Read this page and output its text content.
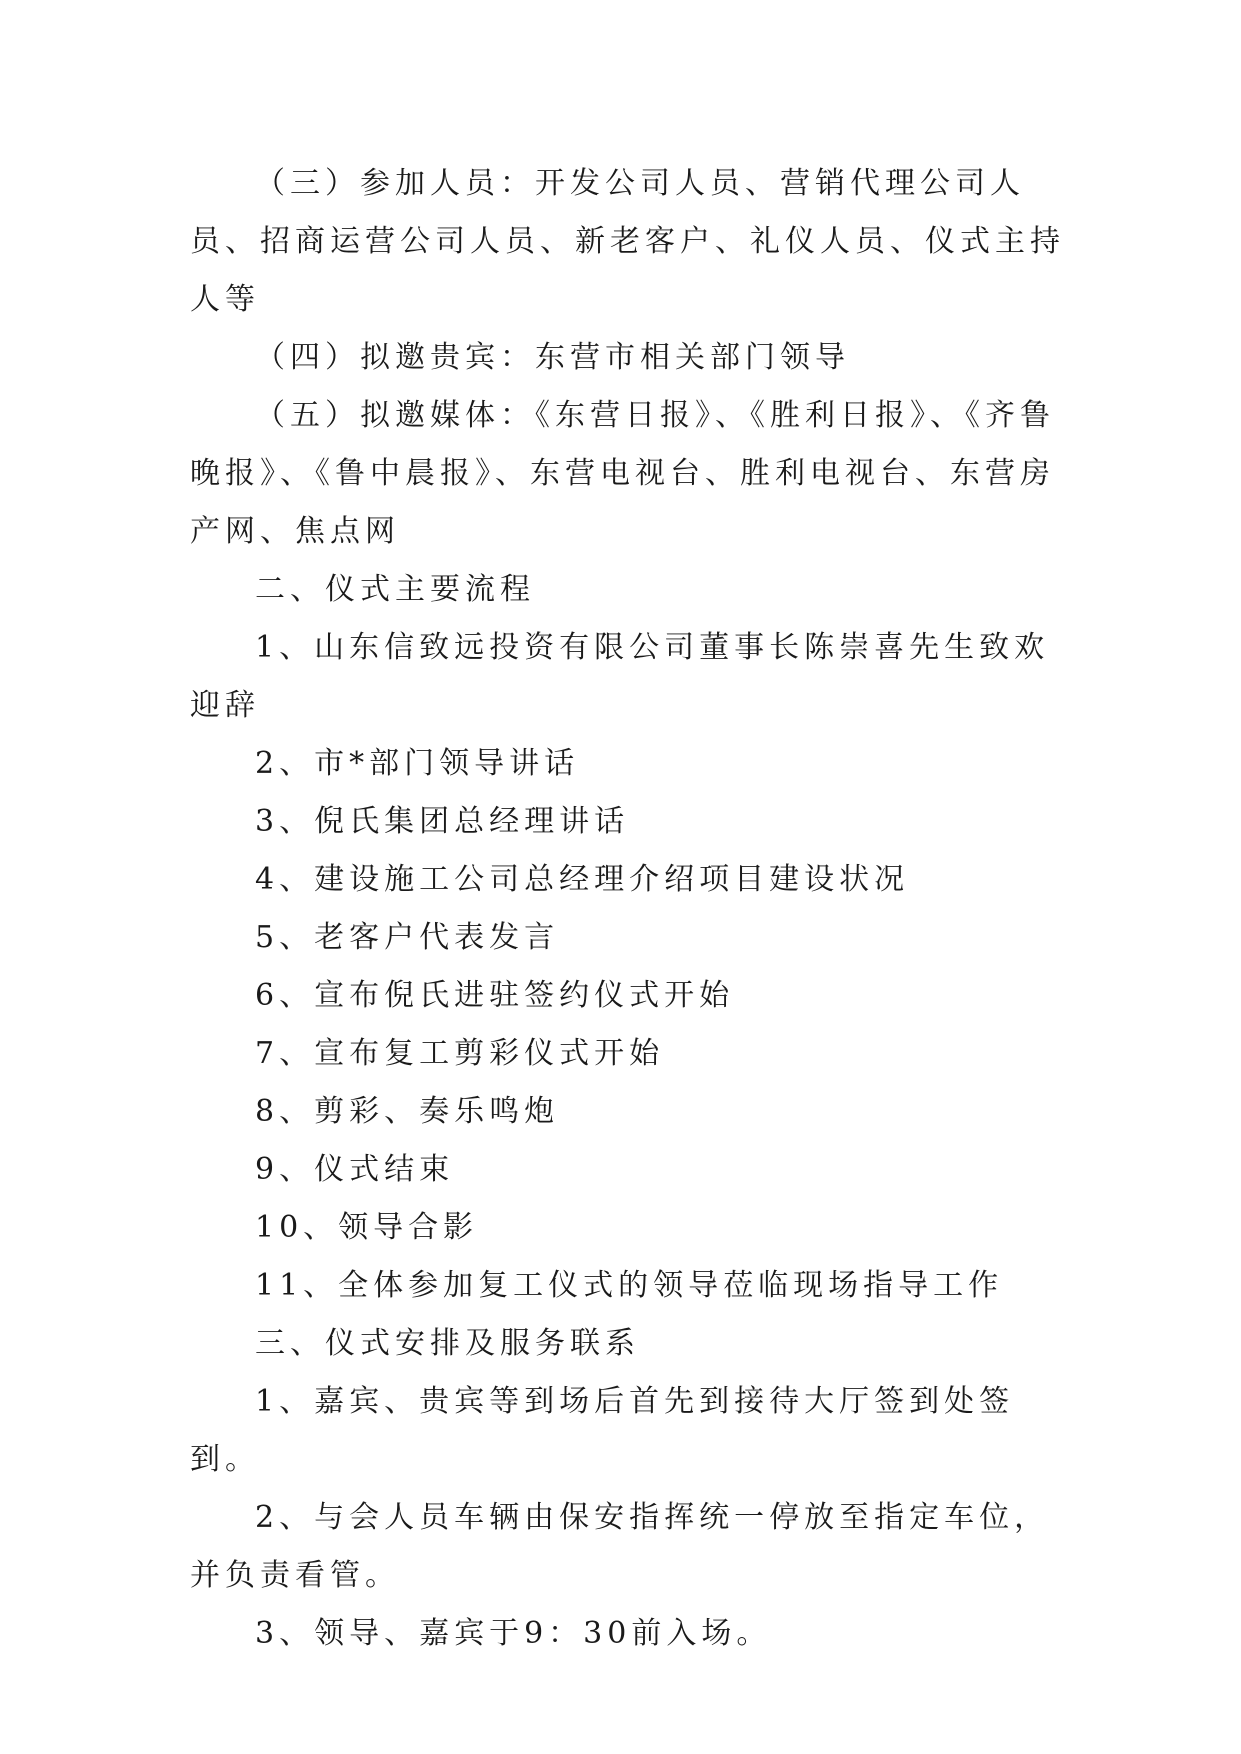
（三）参加人员：开发公司人员、营销代理公司人员、招商运营公司人员、新老客户、礼仪人员、仪式主持人等

（四）拟邀贵宾：东营市相关部门领导

（五）拟邀媒体：《东营日报》、《胜利日报》、《齐鲁晚报》、《鲁中晨报》、东营电视台、胜利电视台、东营房产网、焦点网

二、仪式主要流程

1、山东信致远投资有限公司董事长陈崇喜先生致欢迎辞

2、市*部门领导讲话

3、倪氏集团总经理讲话

4、建设施工公司总经理介绍项目建设状况

5、老客户代表发言

6、宣布倪氏进驻签约仪式开始

7、宣布复工剪彩仪式开始

8、剪彩、奏乐鸣炮

9、仪式结束

10、领导合影

11、全体参加复工仪式的领导莅临现场指导工作

三、仪式安排及服务联系

1、嘉宾、贵宾等到场后首先到接待大厅签到处签到。

2、与会人员车辆由保安指挥统一停放至指定车位，并负责看管。

3、领导、嘉宾于9：30前入场。
